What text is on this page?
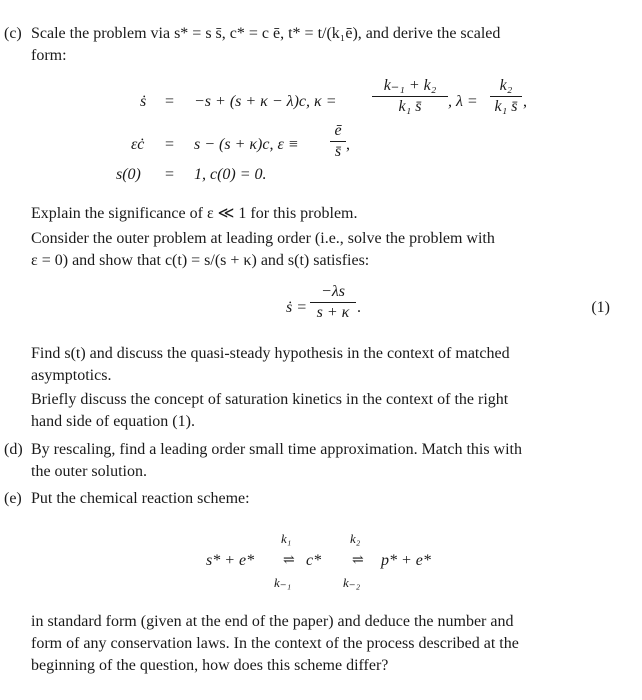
(c) Scale the problem via s* = s s̄, c* = c ē, t* = t/(k₁ē), and derive the scaled
form:
ṡ = −s + (s + κ − λ)c, $\kappa = \frac{\text{k₋₁ + k₂}}{\text{k₁ s̄}}$ , $\lambda = \frac{\text{k₂}}{\text{k₁ s̄}}$ ,
εċ = s − (s + κ)c, $\varepsilon \equiv \frac{ē}{s̄}$ ,
s(0) = 1, c(0) = 0.
Explain the significance of ε ≪ 1 for this problem.
Consider the outer problem at leading order (i.e., solve the problem with
ε = 0) and show that c(t) = s/(s + κ) and s(t) satisfies:
ṡ = $\frac{-\lambda s}{s + \kappa}$ .	(1)
Find s(t) and discuss the quasi-steady hypothesis in the context of matched
asymptotics.
Briefly discuss the concept of saturation kinetics in the context of the right
hand side of equation (1).
(d) By rescaling, find a leading order small time approximation. Match this with
the outer solution.
(e) Put the chemical reaction scheme:
k₁	k₂
s* + e* ⇌ c* ⇌ p* + e*
k₋₁	k₋₂
in standard form (given at the end of the paper) and deduce the number and
form of any conservation laws. In the context of the process described at the
beginning of the question, how does this scheme differ?
